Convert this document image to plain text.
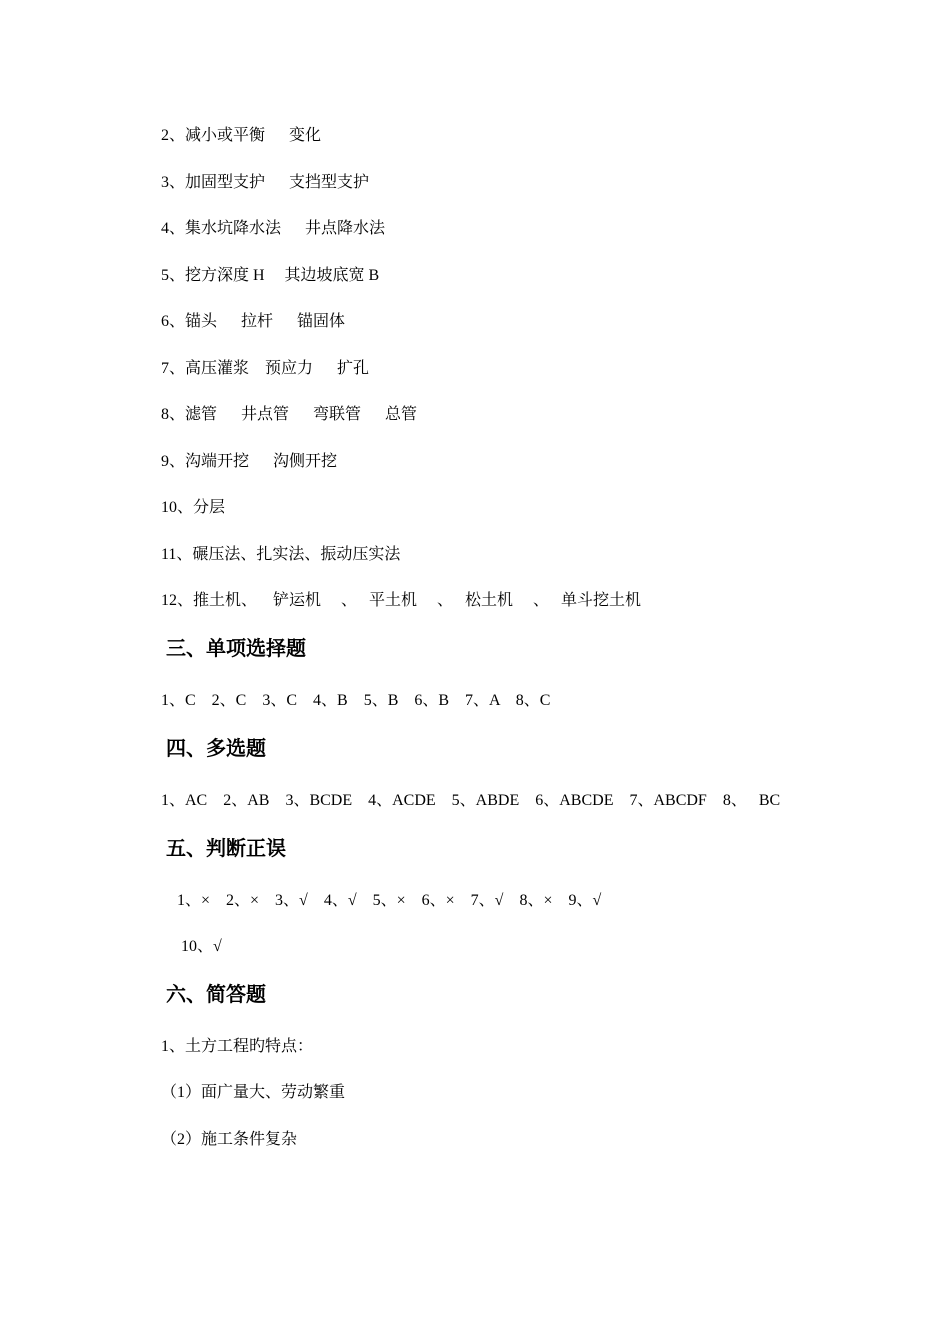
2、减小或平衡      变化
3、加固型支护      支挡型支护
4、集水坑降水法      井点降水法
5、挖方深度 H     其边坡底宽 B
6、锚头      拉杆      锚固体
7、高压灌浆    预应力      扩孔
8、滤管      井点管      弯联管      总管
9、沟端开挖      沟侧开挖
10、分层
11、碾压法、扎实法、振动压实法
12、推土机、    铲运机     、   平土机     、   松土机     、   单斗挖土机
三、单项选择题
1、C    2、C    3、C    4、B    5、B    6、B    7、A    8、C
四、多选题
1、AC    2、AB    3、BCDE    4、ACDE    5、ABDE    6、ABCDE    7、ABCDF    8、   BC
五、判断正误
1、×    2、×    3、√    4、√    5、×    6、×    7、√    8、×    9、√
10、√
六、简答题
1、土方工程旳特点：
（1）面广量大、劳动繁重
（2）施工条件复杂
